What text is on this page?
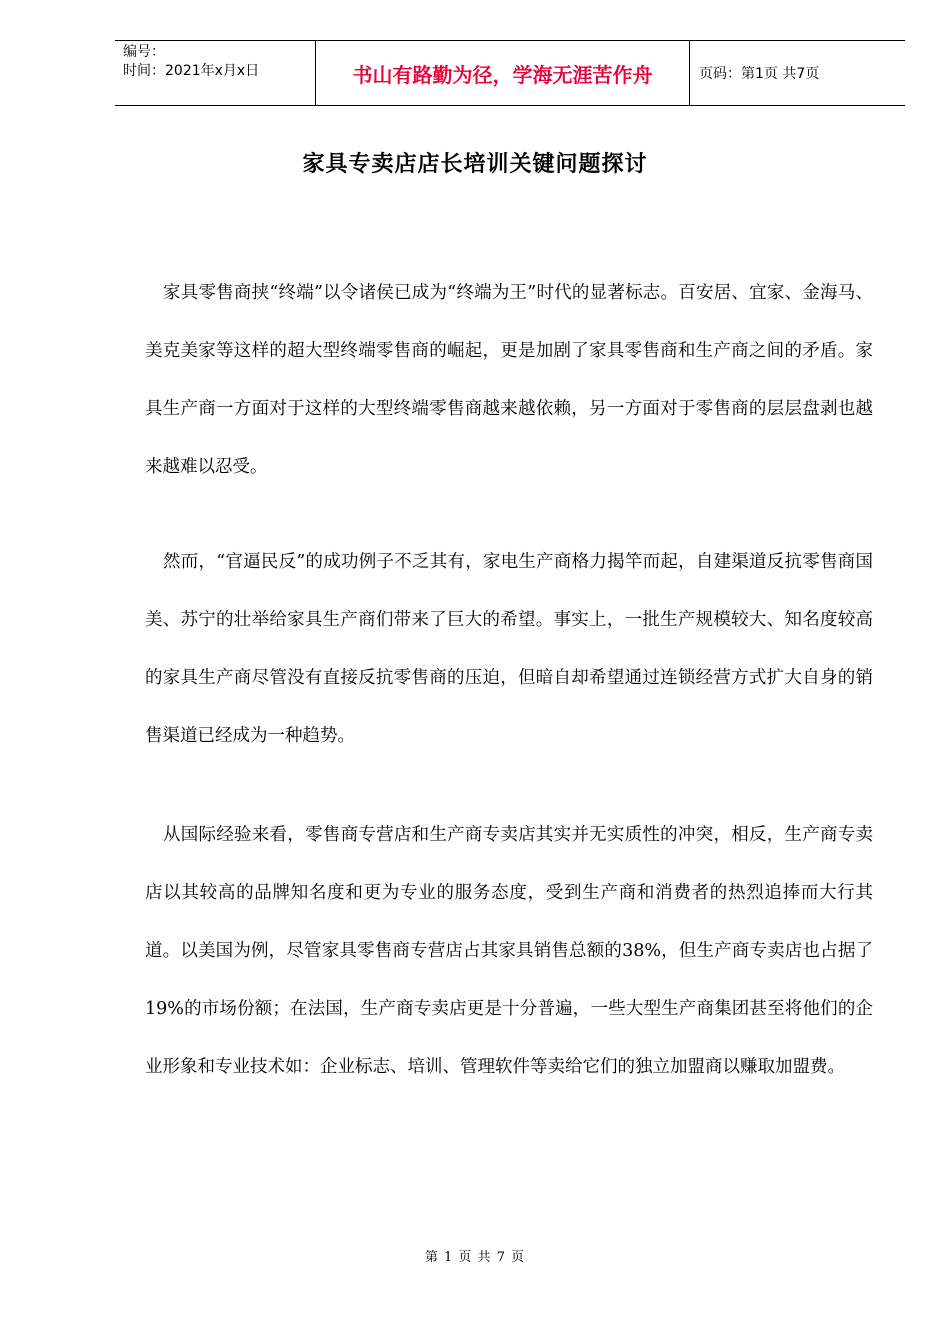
编号：
时间：2021年x月x日	书山有路勤为径，学海无涯苦作舟	页码：第1页 共7页
家具专卖店店长培训关键问题探讨

家具零售商挟“终端”以令诸侯已成为“终端为王”时代的显著标志。百安居、宜家、金海马、美克美家等这样的超大型终端零售商的崛起，更是加剧了家具零售商和生产商之间的矛盾。家具生产商一方面对于这样的大型终端零售商越来越依赖，另一方面对于零售商的层层盘剥也越来越难以忍受。

然而，“官逼民反”的成功例子不乏其有，家电生产商格力揭竿而起，自建渠道反抗零售商国美、苏宁的壮举给家具生产商们带来了巨大的希望。事实上，一批生产规模较大、知名度较高的家具生产商尽管没有直接反抗零售商的压迫，但暗自却希望通过连锁经营方式扩大自身的销售渠道已经成为一种趋势。

从国际经验来看，零售商专营店和生产商专卖店其实并无实质性的冲突，相反，生产商专卖店以其较高的品牌知名度和更为专业的服务态度，受到生产商和消费者的热烈追捧而大行其道。以美国为例，尽管家具零售商专营店占其家具销售总额的38%，但生产商专卖店也占据了19%的市场份额；在法国，生产商专卖店更是十分普遍，一些大型生产商集团甚至将他们的企业形象和专业技术如：企业标志、培训、管理软件等卖给它们的独立加盟商以赚取加盟费。

第 1 页 共 7 页
